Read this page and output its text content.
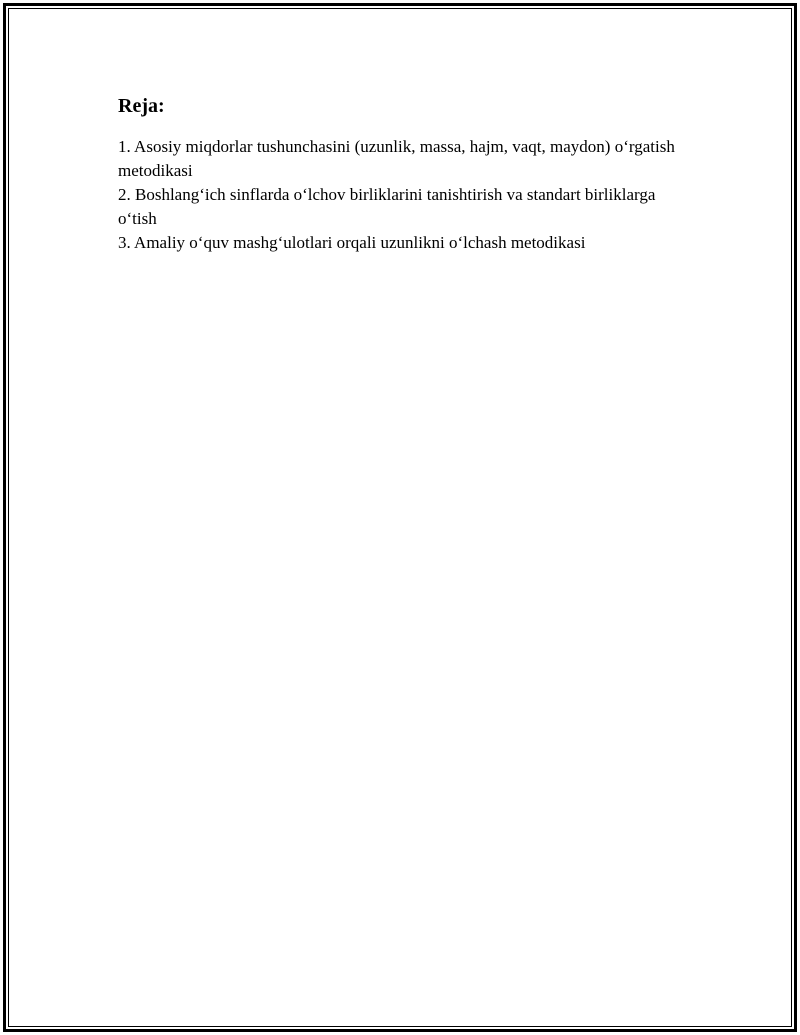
Reja:
1. Asosiy miqdorlar tushunchasini (uzunlik, massa, hajm, vaqt, maydon) o‘rgatish metodikasi
2. Boshlang‘ich sinflarda o‘lchov birliklarini tanishtirish va standart birliklarga o‘tish
3. Amaliy o‘quv mashg‘ulotlari orqali uzunlikni o‘lchash metodikasi
